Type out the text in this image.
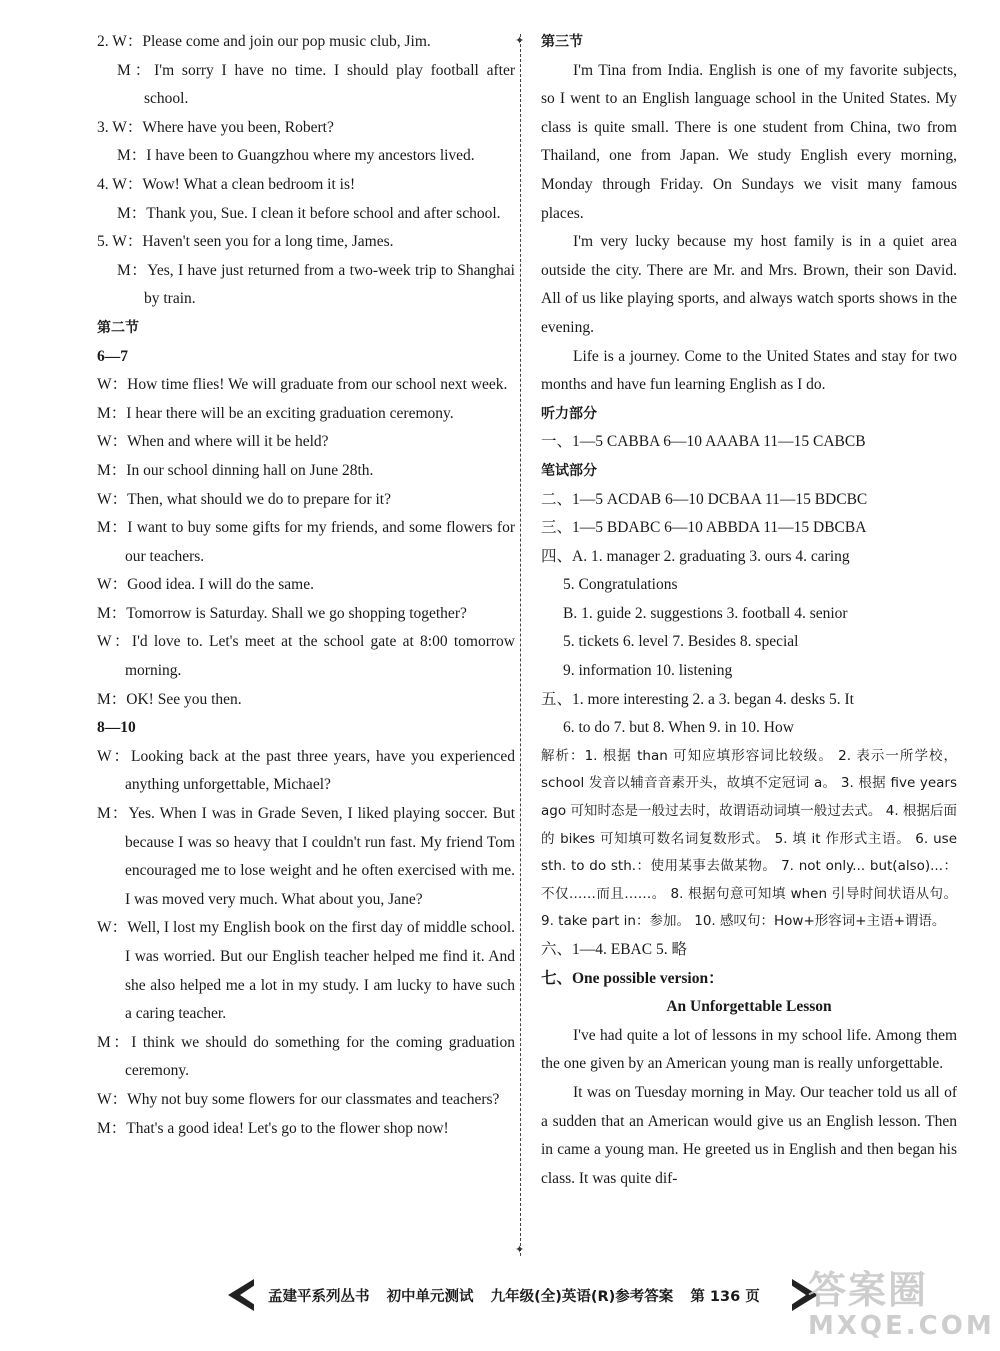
✦
✦

2. W：Please come and join our pop music club, Jim.

M：I'm sorry I have no time. I should play football after school.

3. W：Where have you been, Robert?

M：I have been to Guangzhou where my ancestors lived.

4. W：Wow! What a clean bedroom it is!

M：Thank you, Sue. I clean it before school and after school.

5. W：Haven't seen you for a long time, James.

M：Yes, I have just returned from a two-week trip to Shanghai by train.

第二节

6—7

W：How time flies! We will graduate from our school next week.

M：I hear there will be an exciting graduation ceremony.

W：When and where will it be held?

M：In our school dinning hall on June 28th.

W：Then, what should we do to prepare for it?

M：I want to buy some gifts for my friends, and some flowers for our teachers.

W：Good idea. I will do the same.

M：Tomorrow is Saturday. Shall we go shopping together?

W：I'd love to. Let's meet at the school gate at 8:00 tomorrow morning.

M：OK! See you then.

8—10

W：Looking back at the past three years, have you experienced anything unforgettable, Michael?

M：Yes. When I was in Grade Seven, I liked playing soccer. But because I was so heavy that I couldn't run fast. My friend Tom encouraged me to lose weight and he often exercised with me. I was moved very much. What about you, Jane?

W：Well, I lost my English book on the first day of middle school. I was worried. But our English teacher helped me find it. And she also helped me a lot in my study. I am lucky to have such a caring teacher.

M：I think we should do something for the coming graduation ceremony.

W：Why not buy some flowers for our classmates and teachers?

M：That's a good idea! Let's go to the flower shop now!

第三节

I'm Tina from India. English is one of my favorite subjects, so I went to an English language school in the United States. My class is quite small. There is one student from China, two from Thailand, one from Japan. We study English every morning, Monday through Friday. On Sundays we visit many famous places.

I'm very lucky because my host family is in a quiet area outside the city. There are Mr. and Mrs. Brown, their son David. All of us like playing sports, and always watch sports shows in the evening.

Life is a journey. Come to the United States and stay for two months and have fun learning English as I do.

听力部分

一、1—5 CABBA 6—10 AAABA 11—15 CABCB

笔试部分

二、1—5 ACDAB 6—10 DCBAA 11—15 BDCBC

三、1—5 BDABC 6—10 ABBDA 11—15 DBCBA

四、A. 1. manager 2. graduating 3. ours 4. caring

5. Congratulations

B. 1. guide 2. suggestions 3. football 4. senior

5. tickets 6. level 7. Besides 8. special

9. information 10. listening

五、1. more interesting 2. a 3. began 4. desks 5. It

6. to do 7. but 8. When 9. in 10. How

解析：1. 根据 than 可知应填形容词比较级。 2. 表示一所学校，school 发音以辅音音素开头，故填不定冠词 a。 3. 根据 five years ago 可知时态是一般过去时，故谓语动词填一般过去式。 4. 根据后面的 bikes 可知填可数名词复数形式。 5. 填 it 作形式主语。 6. use sth. to do sth.：使用某事去做某物。 7. not only... but(also)...：不仅……而且……。 8. 根据句意可知填 when 引导时间状语从句。 9. take part in：参加。 10. 感叹句：How+形容词+主语+谓语。

六、1—4. EBAC 5. 略

七、One possible version：

An Unforgettable Lesson

I've had quite a lot of lessons in my school life. Among them the one given by an American young man is really unforgettable.

It was on Tuesday morning in May. Our teacher told us all of a sudden that an American would give us an English lesson. Then in came a young man. He greeted us in English and then began his class. It was quite dif-

孟建平系列丛书 初中单元测试 九年级(全)英语(R)参考答案 第 136 页	答案圈
MXQE.COM
